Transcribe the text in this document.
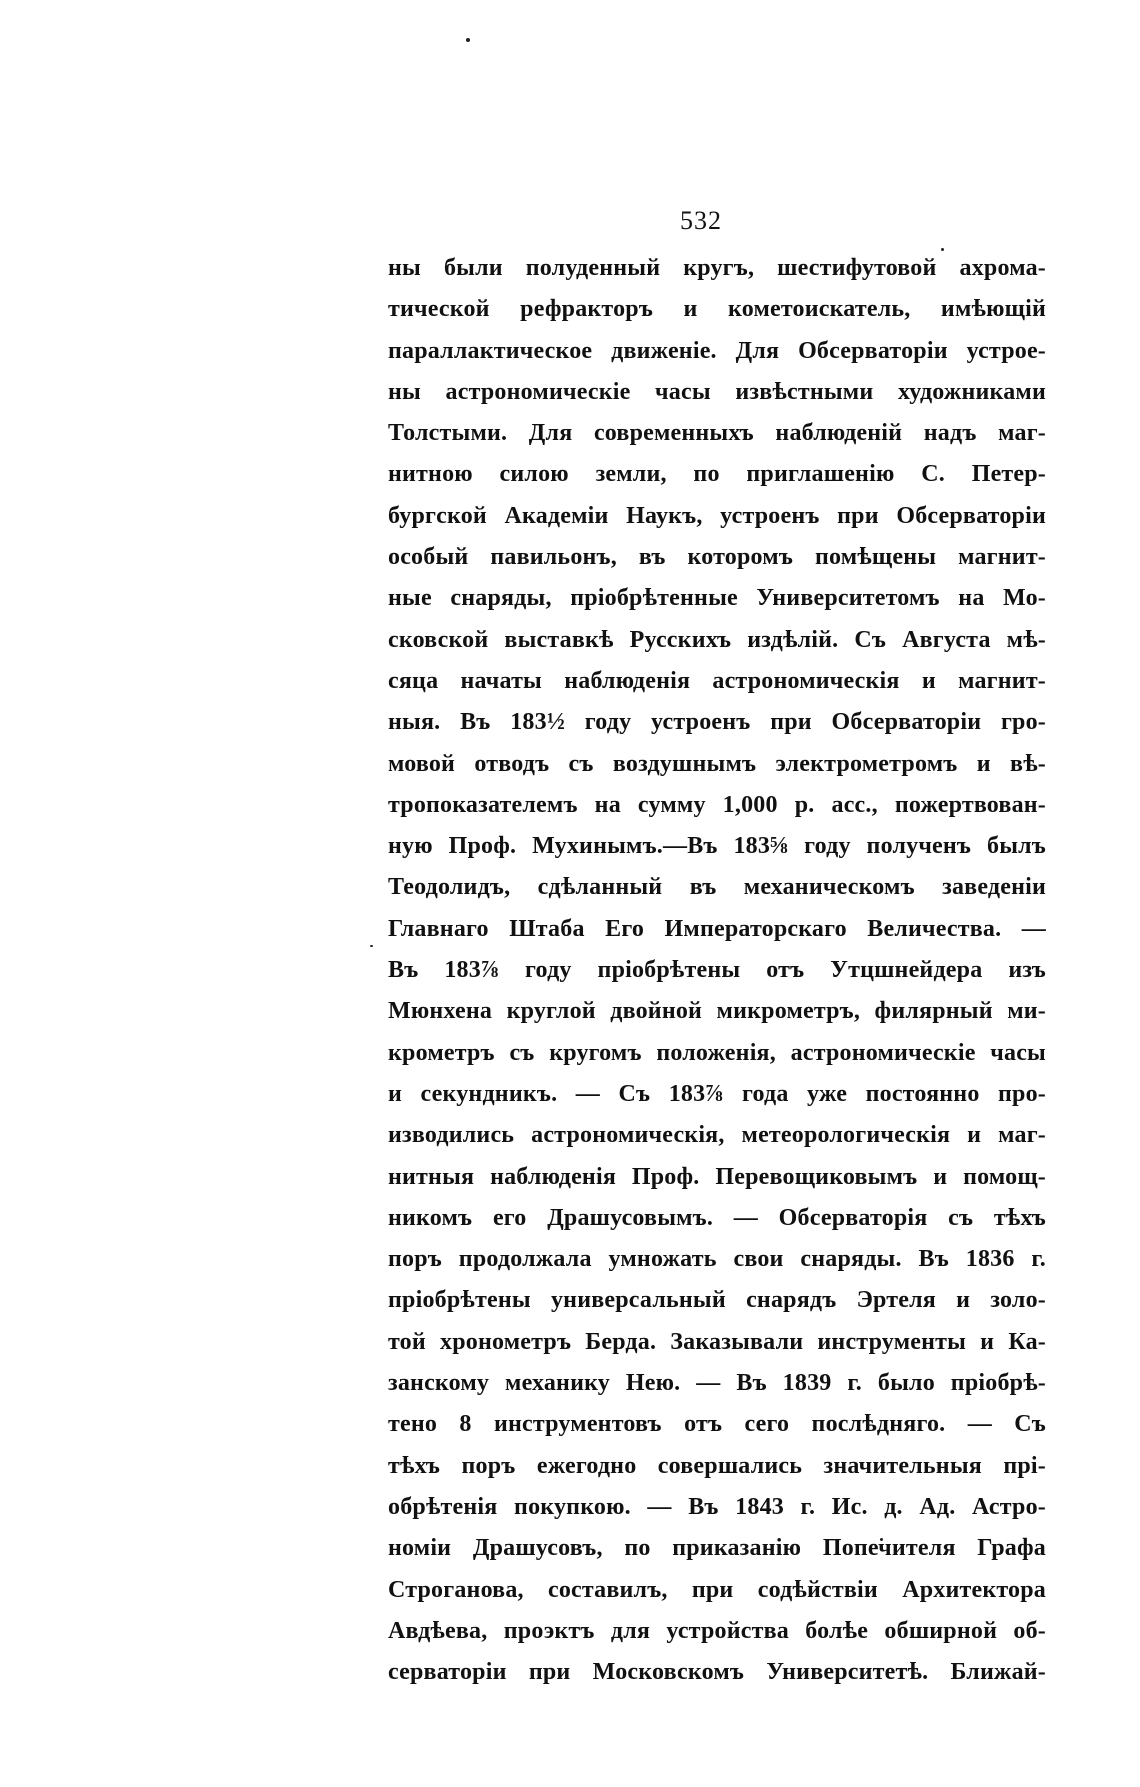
532
ны были полуденный кругъ, шестифутовой ахрома-
тической рефракторъ и кометоискатель, имѣющій
параллактическое движеніе. Для Обсерваторіи устроe-
ны астрономическіе часы извѣстными художниками
Толстыми. Для современныхъ наблюденій надъ маг-
нитною силою земли, по приглашенію С. Петер-
бургской Академіи Наукъ, устроенъ при Обсерваторіи
особый павильонъ, въ которомъ помѣщены магнит-
ные снаряды, пріобрѣтенные Университетомъ на Мо-
сковской выставкѣ Русскихъ издѣлій. Съ Августа мѣ-
сяца начаты наблюденія астрономическія и магнит-
ныя. Въ 183½ году устроенъ при Обсерваторіи гро-
мовой отводъ съ воздушнымъ электрометромъ и вѣ-
тропоказателемъ на сумму 1,000 р. асс., пожертвован-
ную Проф. Мухинымъ.—Въ 183⅝ году полученъ былъ
Теодолидъ, сдѣланный въ механическомъ заведеніи
Главнаго Штаба Его Императорскаго Величества. —
Въ 183⅞ году пріобрѣтены отъ Утцшнейдера изъ
Мюнхена круглой двойной микрометръ, филярный ми-
крометръ съ кругомъ положенія, астрономическіе часы
и секундникъ. — Съ 183⅞ года уже постоянно про-
изводились астрономическія, метеорологическія и маг-
нитныя наблюденія Проф. Перевощиковымъ и помощ-
никомъ его Драшусовымъ. — Обсерваторія съ тѣхъ
поръ продолжала умножать свои снаряды. Въ 1836 г.
пріобрѣтены универсальный снарядъ Эртеля и золо-
той хронометръ Берда. Заказывали инструменты и Ка-
занскому механику Нею. — Въ 1839 г. было пріобрѣ-
тено 8 инструментовъ отъ сего послѣдняго. — Съ
тѣхъ поръ ежегодно совершались значительныя прі-
обрѣтенія покупкою. — Въ 1843 г. Ис. д. Ад. Астро-
номіи Драшусовъ, по приказанію Попечителя Графа
Строганова, составилъ, при содѣйствіи Архитектора
Авдѣева, проэктъ для устройства болѣе обширной об-
серваторіи при Московскомъ Университетѣ. Ближай-
